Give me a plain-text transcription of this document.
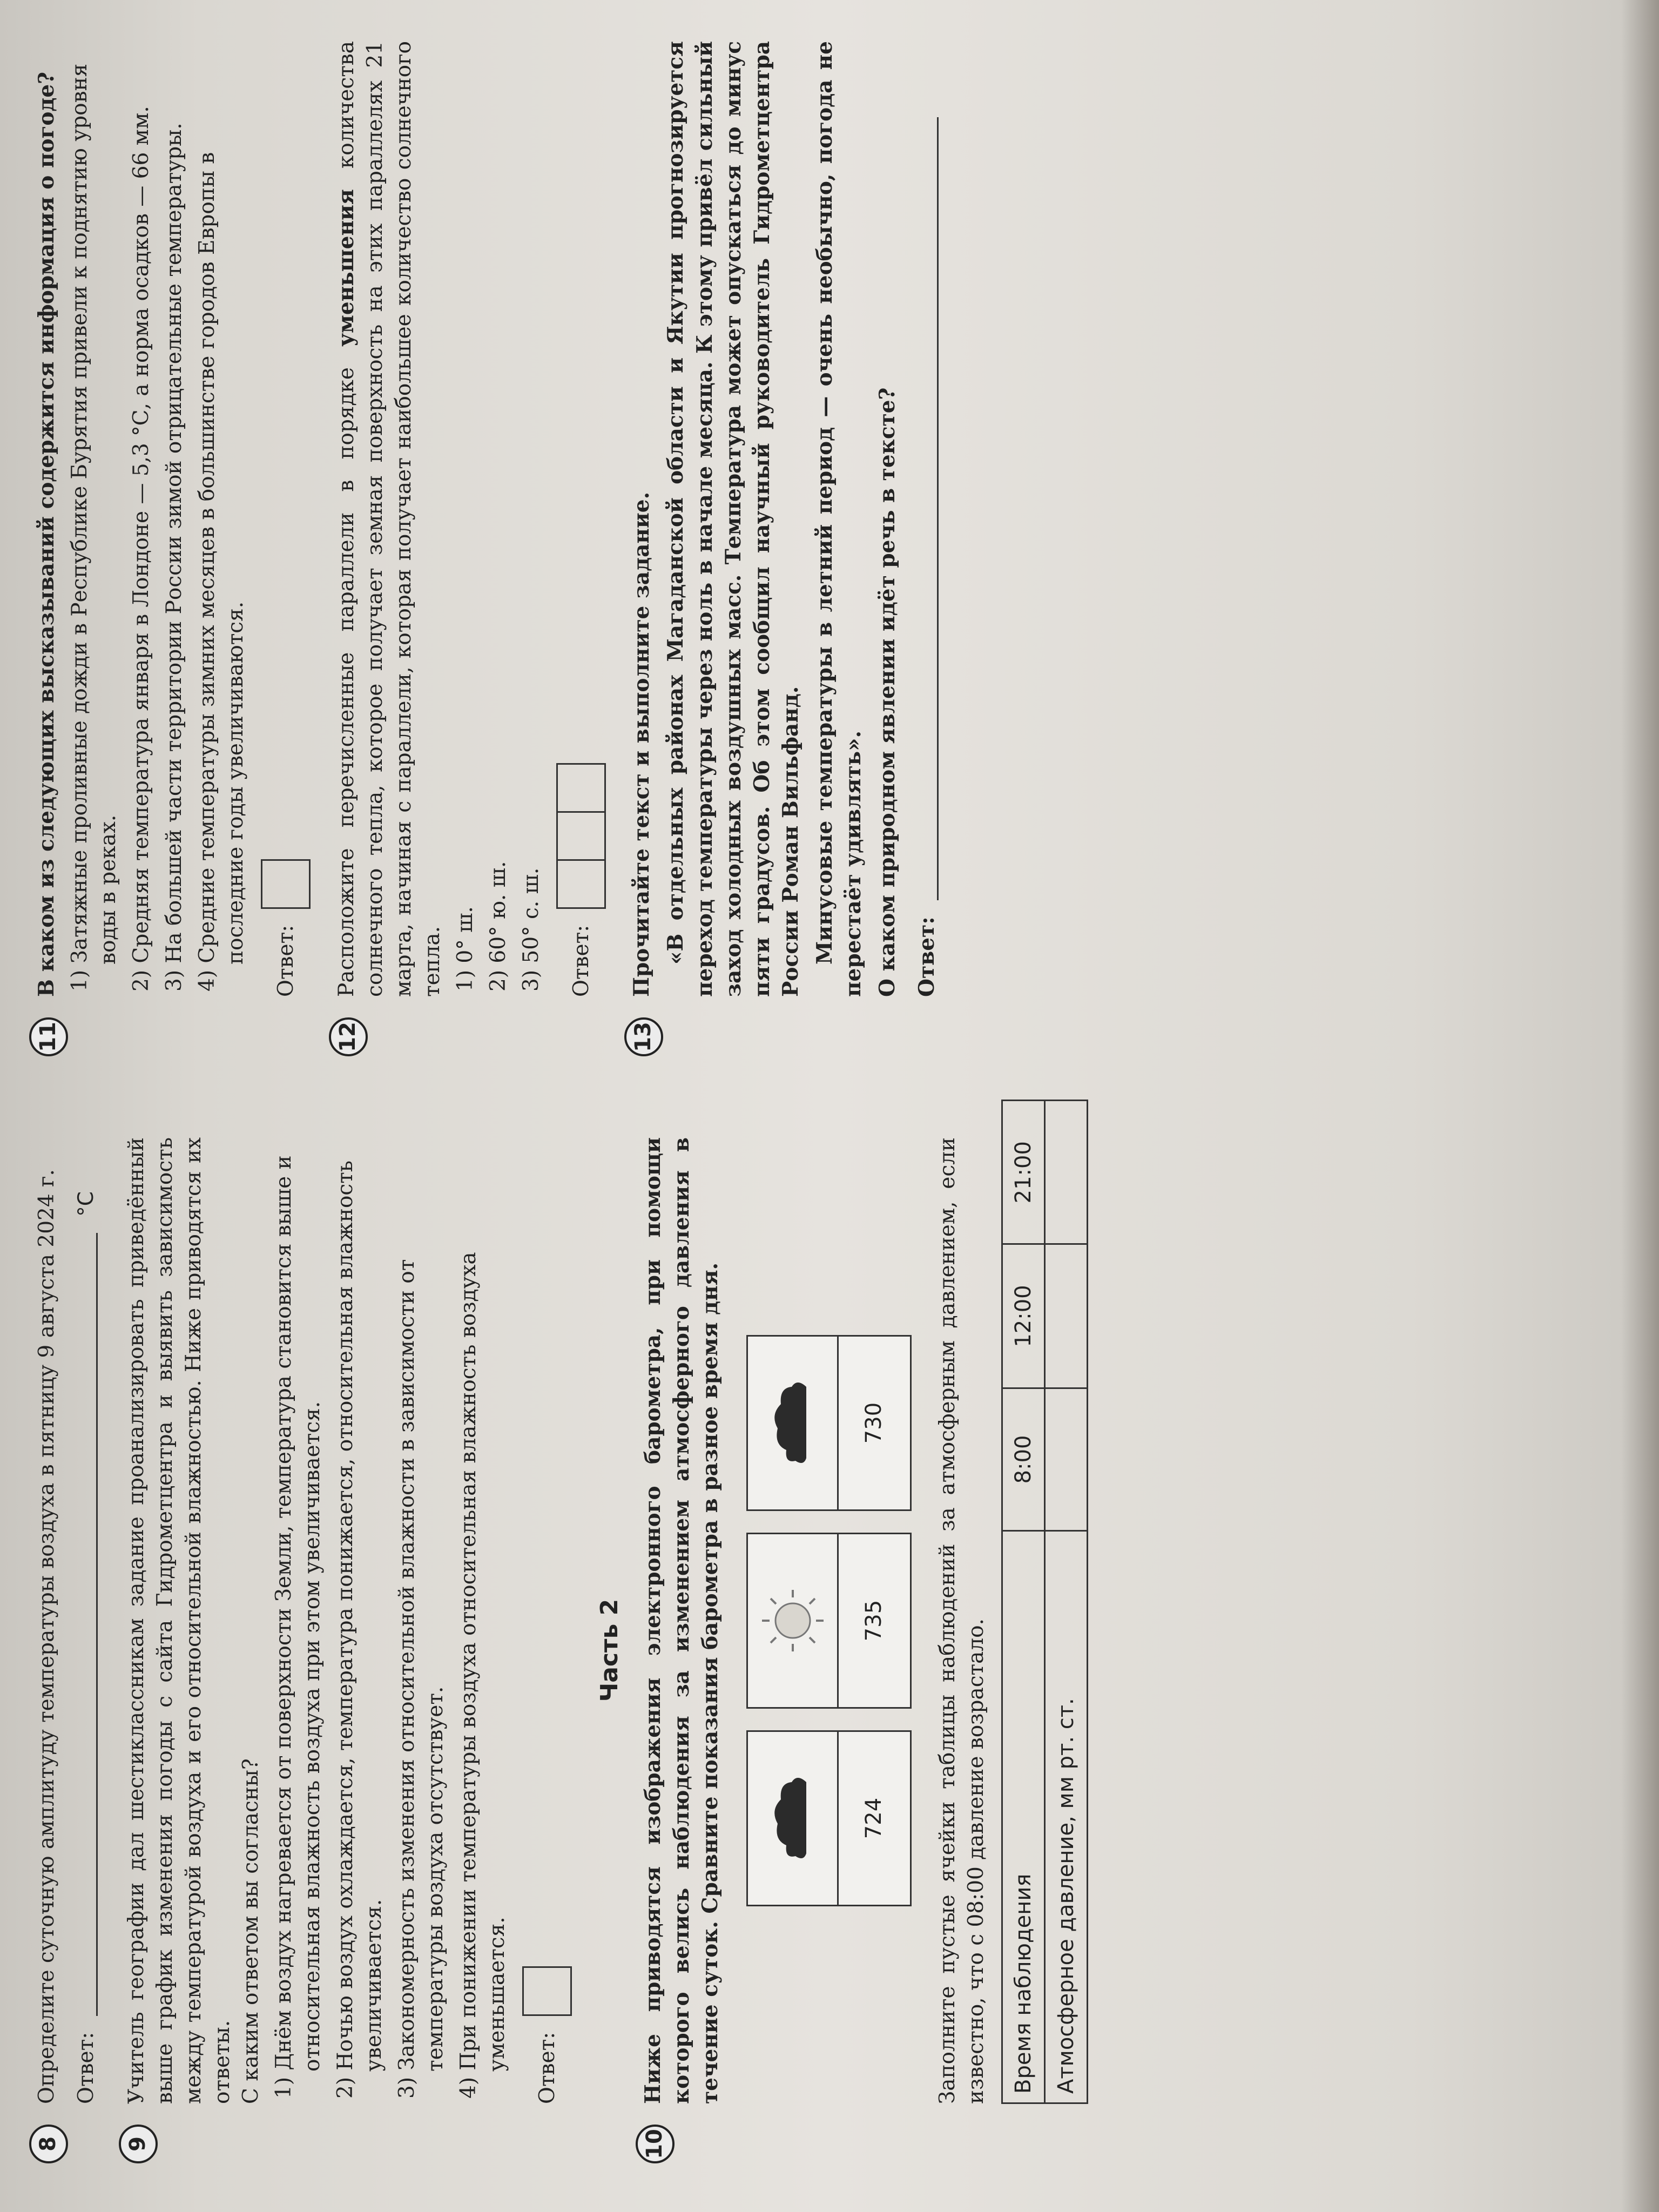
8
Определите суточную амплитуду температуры воздуха в пятницу 9 августа 2024 г. Ответ:
°C
9
Учитель географии дал шестиклассникам задание проанализировать приведённый выше график изменения погоды с сайта Гидрометцентра и выявить зависимость между температурой воздуха и его относительной влажностью. Ниже приводятся их ответы. С каким ответом вы согласны? 1) Днём воздух нагревается от поверхности Земли, температура становится выше и относительная влажность воздуха при этом увеличивается. 2) Ночью воздух охлаждается, температура понижается, относительная влажность увеличивается. 3) Закономерность изменения относительной влажности в зависимости от температуры воздуха отсутствует. 4) При понижении температуры воздуха относительная влажность воздуха уменьшается. Ответ:
Часть 2
10
Ниже приводятся изображения электронного барометра, при помощи которого велись наблюдения за изменением атмосферного давления в течение суток. Сравните показания барометра в разное время дня.	724
735
730	Заполните пустые ячейки таблицы наблюдений за атмосферным давлением, если известно, что с 08:00 давление возрастало. Время наблюдения	8:00	12:00	21:00
Атмосферное давление, мм рт. ст.			
11
В каком из следующих высказываний содержится информация о погоде? 1) Затяжные проливные дожди в Республике Бурятия привели к поднятию уровня воды в реках. 2) Средняя температура января в Лондоне — 5,3 °С, а норма осадков — 66 мм. 3) На большей части территории России зимой отрицательные температуры. 4) Средние температуры зимних месяцев в большинстве городов Европы в последние годы увеличиваются. Ответ:
12
Расположите перечисленные параллели в порядке уменьшения количества солнечного тепла, которое получает земная поверхность на этих параллелях 21 марта, начиная с параллели, которая получает наибольшее количество солнечного тепла. 1) 0° ш. 2) 60° ю. ш. 3) 50° с. ш. Ответ:
13
Прочитайте текст и выполните задание. «В отдельных районах Магаданской области и Якутии прогнозируется переход температуры через ноль в начале месяца. К этому привёл сильный заход холодных воздушных масс. Температура может опускаться до минус пяти градусов. Об этом сообщил научный руководитель Гидрометцентра России Роман Вильфанд. Минусовые температуры в летний период — очень необычно, погода не перестаёт удивлять». О каком природном явлении идёт речь в тексте? Ответ:
